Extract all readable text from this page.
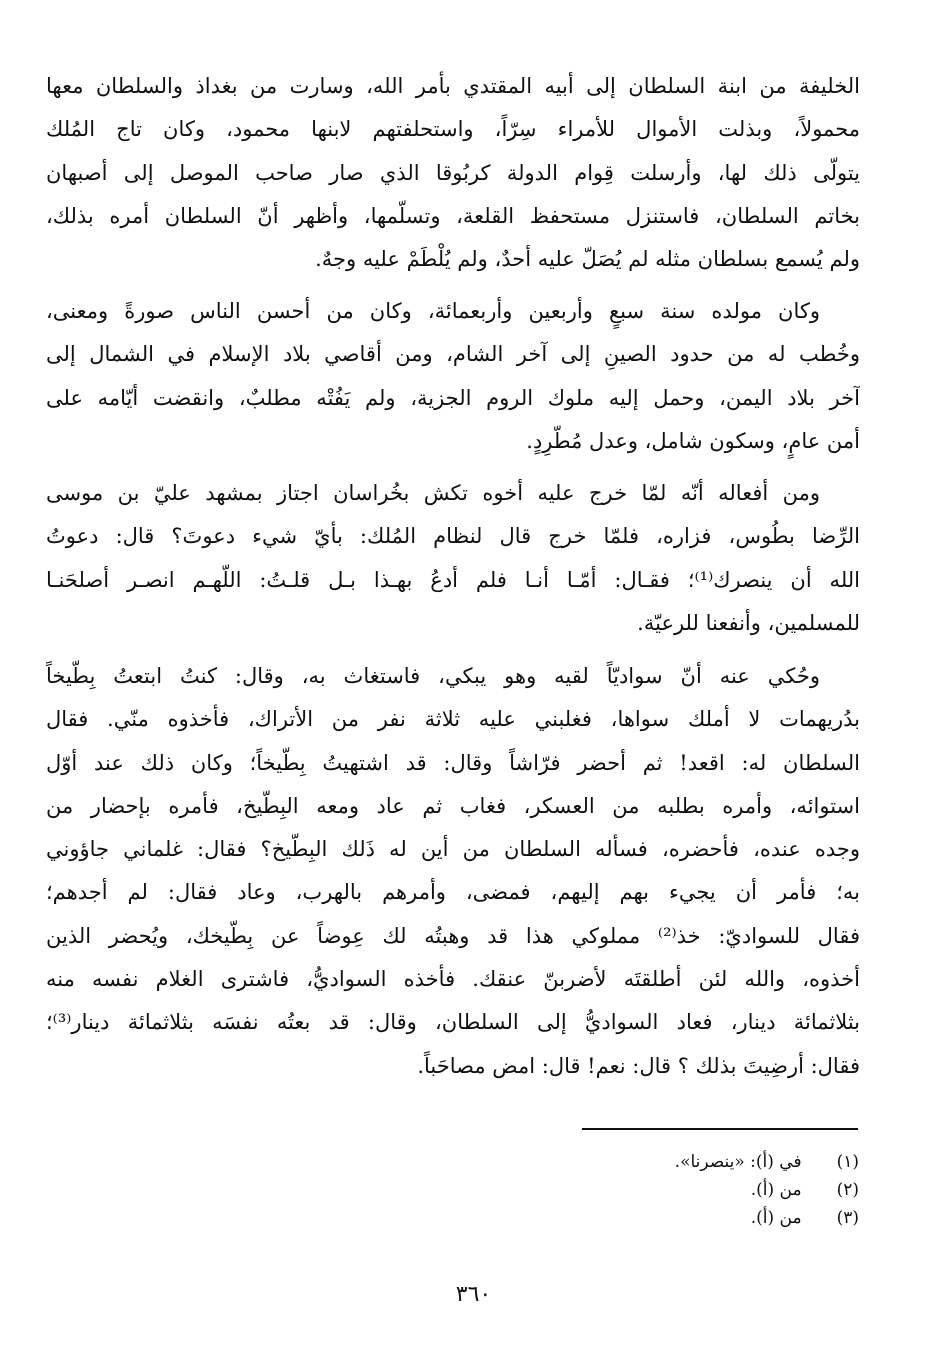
الخليفة من ابنة السلطان إلى أبيه المقتدي بأمر الله، وسارت من بغداذ والسلطان معها
محمولاً، وبذلت الأموال للأمراء سِرّاً، واستحلفتهم لابنها محمود، وكان تاج المُلك
يتولّى ذلك لها، وأرسلت قِوام الدولة كربُوقا الذي صار صاحب الموصل إلى أصبهان
بخاتم السلطان، فاستنزل مستحفظ القلعة، وتسلّمها، وأظهر أنّ السلطان أمره بذلك،
ولم يُسمع بسلطان مثله لم يُصَلّ عليه أحدٌ، ولم يُلْطَمْ عليه وجهٌ.
وكان مولده سنة سبعٍ وأربعين وأربعمائة، وكان من أحسن الناس صورةً ومعنى،
وخُطب له من حدود الصينِ إلى آخر الشام، ومن أقاصي بلاد الإسلام في الشمال إلى
آخر بلاد اليمن، وحمل إليه ملوك الروم الجزية، ولم يَفُتْه مطلبٌ، وانقضت أيّامه على
أمن عامٍ، وسكون شامل، وعدل مُطّرِدٍ.
ومن أفعاله أنّه لمّا خرج عليه أخوه تكش بخُراسان اجتاز بمشهد عليّ بن موسى
الرِّضا بطُوس، فزاره، فلمّا خرج قال لنظام المُلك: بأيّ شيء دعوتَ؟ قال: دعوتُ
الله أن ينصرك⁽¹⁾؛ فقـال: أمّـا أنـا فلم أدعُ بهـذا بـل قلـتُ: اللّهـم انصـر أصلحَنـا
للمسلمين، وأنفعنا للرعيّة.
وحُكي عنه أنّ سواديّاً لقيه وهو يبكي، فاستغاث به، وقال: كنتُ ابتعتُ بِطّيخاً
بدُريهمات لا أملك سواها، فغلبني عليه ثلاثة نفر من الأتراك، فأخذوه منّي. فقال
السلطان له: اقعد! ثم أحضر فرّاشاً وقال: قد اشتهيتُ بِطّيخاً؛ وكان ذلك عند أوّل
استوائه، وأمره بطلبه من العسكر، فغاب ثم عاد ومعه البِطّيخ، فأمره بإحضار من
وجده عنده، فأحضره، فسأله السلطان من أين له ذَلك البِطّيخ؟ فقال: غلماني جاؤوني
به؛ فأمر أن يجيء بهم إليهم، فمضى، وأمرهم بالهرب، وعاد فقال: لم أجدهم؛
فقال للسواديّ: خذ⁽²⁾ مملوكي هذا قد وهبتُه لك عِوضاً عن بِطّيخك، ويُحضر الذين
أخذوه، والله لئن أطلقتَه لأضربنّ عنقك. فأخذه السواديُّ، فاشترى الغلام نفسه منه
بثلاثمائة دينار، فعاد السواديُّ إلى السلطان، وقال: قد بعتُه نفسَه بثلاثمائة دينار⁽³⁾؛
فقال: أرضِيتَ بذلك ؟ قال: نعم! قال: امض مصاحَباً.
(١) في (أ): «ينصرنا».
(٢) من (أ).
(٣) من (أ).
٣٦٠
